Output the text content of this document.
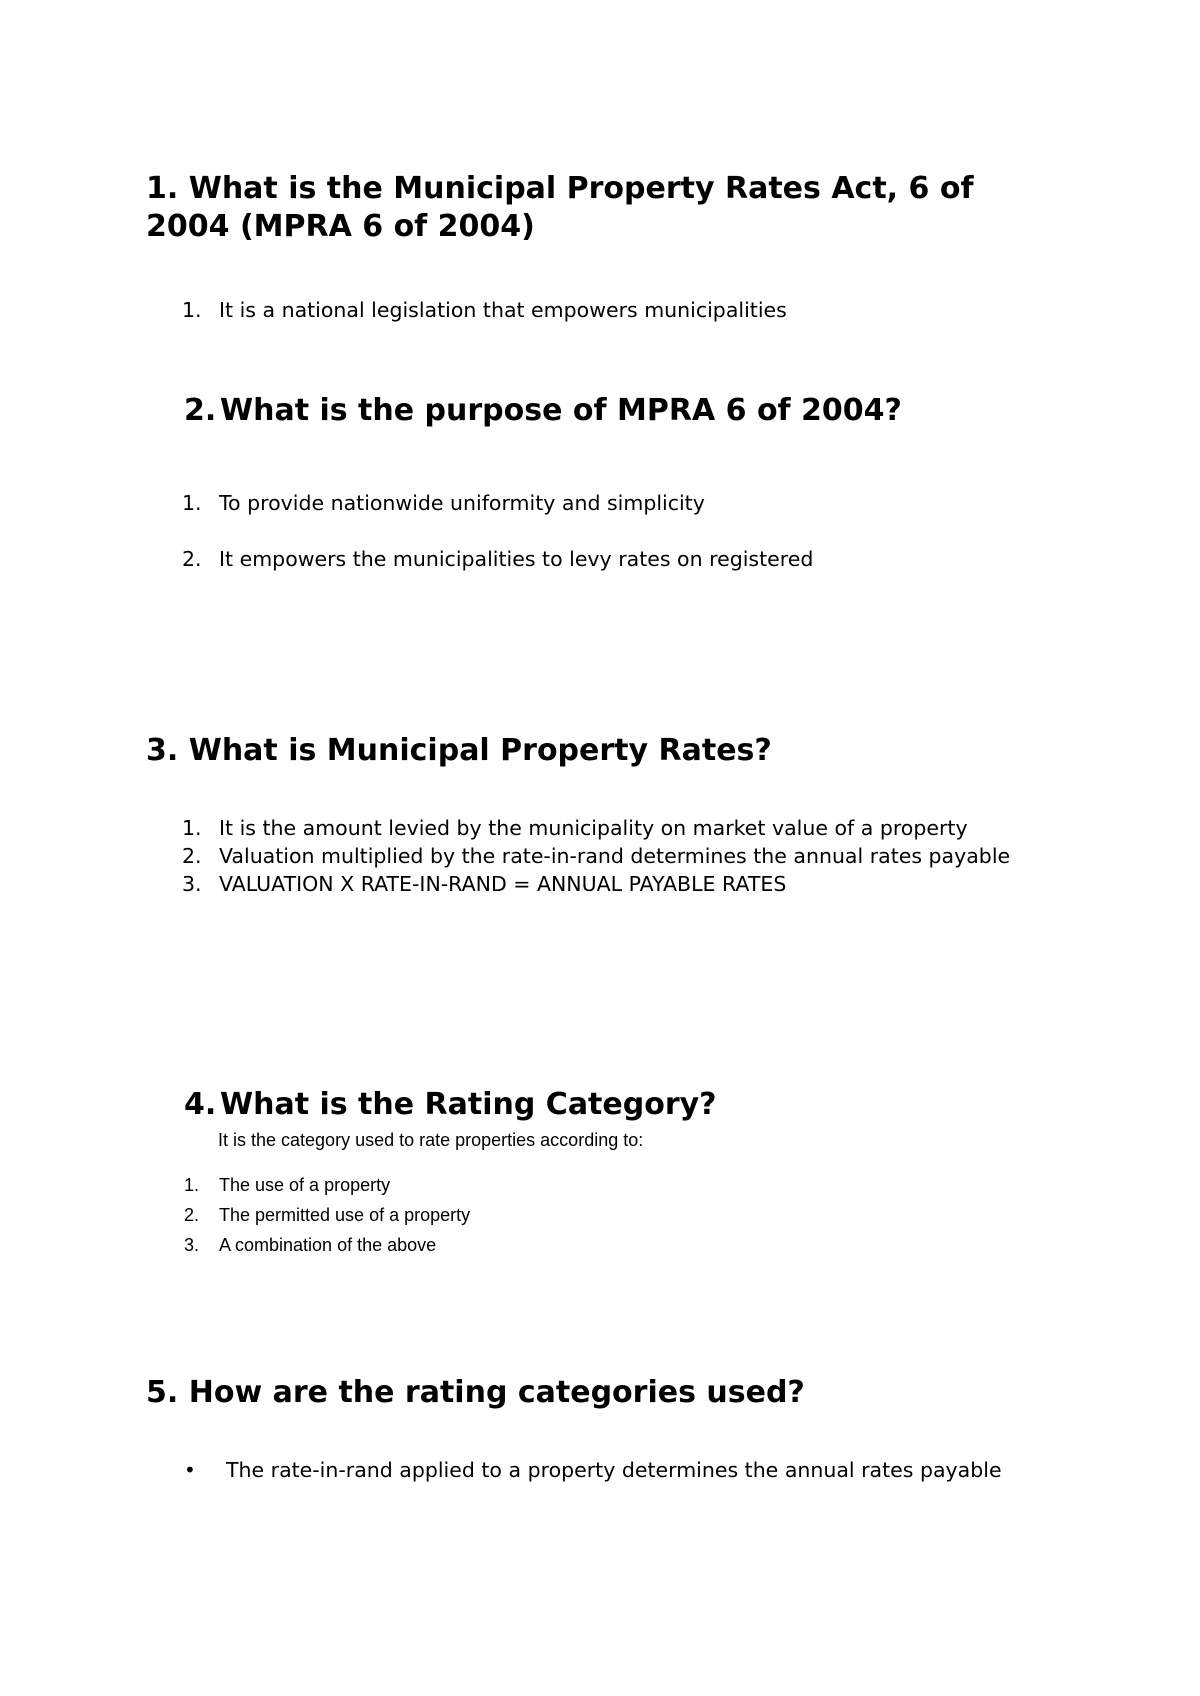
1. What is the Municipal Property Rates Act, 6 of 2004 (MPRA 6 of 2004)
1. It is a national legislation that empowers municipalities
2. What is the purpose of MPRA 6 of 2004?
1. To provide nationwide uniformity and simplicity
2. It empowers the municipalities to levy rates on registered
3. What is Municipal Property Rates?
1. It is the amount levied by the municipality on market value of a property
2. Valuation multiplied by the rate-in-rand determines the annual rates payable
3. VALUATION X RATE-IN-RAND = ANNUAL PAYABLE RATES
4. What is the Rating Category?

It is the category used to rate properties according to:

1. The use of a property
2. The permitted use of a property
3. A combination of the above
5. How are the rating categories used?
• The rate-in-rand applied to a property determines the annual rates payable
